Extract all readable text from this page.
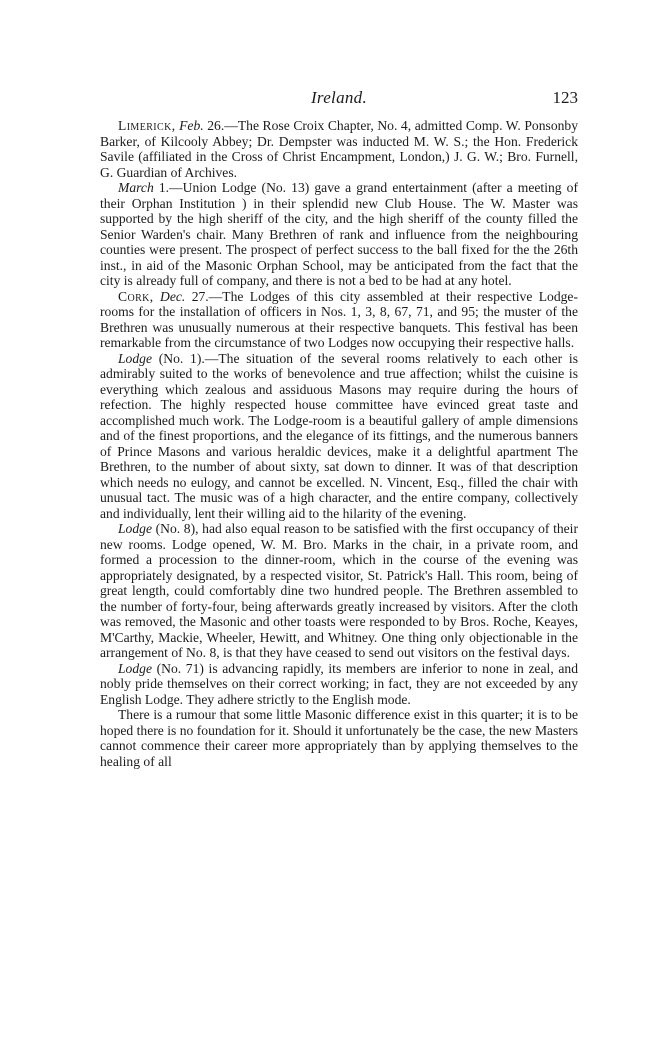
Ireland.	123

Limerick, Feb. 26.—The Rose Croix Chapter, No. 4, admitted Comp. W. Ponsonby Barker, of Kilcooly Abbey; Dr. Dempster was inducted M. W. S.; the Hon. Frederick Savile (affiliated in the Cross of Christ Encampment, London,) J. G. W.; Bro. Furnell, G. Guardian of Archives.

March 1.—Union Lodge (No. 13) gave a grand entertainment (after a meeting of their Orphan Institution ) in their splendid new Club House. The W. Master was supported by the high sheriff of the city, and the high sheriff of the county filled the Senior Warden's chair. Many Brethren of rank and influence from the neighbouring counties were present. The prospect of perfect success to the ball fixed for the the 26th inst., in aid of the Masonic Orphan School, may be anticipated from the fact that the city is already full of company, and there is not a bed to be had at any hotel.

Cork, Dec. 27.—The Lodges of this city assembled at their respective Lodge-rooms for the installation of officers in Nos. 1, 3, 8, 67, 71, and 95; the muster of the Brethren was unusually numerous at their respective banquets. This festival has been remarkable from the circumstance of two Lodges now occupying their respective halls.

Lodge (No. 1).—The situation of the several rooms relatively to each other is admirably suited to the works of benevolence and true affection; whilst the cuisine is everything which zealous and assiduous Masons may require during the hours of refection. The highly respected house committee have evinced great taste and accomplished much work. The Lodge-room is a beautiful gallery of ample dimensions and of the finest proportions, and the elegance of its fittings, and the numerous banners of Prince Masons and various heraldic devices, make it a delightful apartment The Brethren, to the number of about sixty, sat down to dinner. It was of that description which needs no eulogy, and cannot be excelled. N. Vincent, Esq., filled the chair with unusual tact. The music was of a high character, and the entire company, collectively and individually, lent their willing aid to the hilarity of the evening.

Lodge (No. 8), had also equal reason to be satisfied with the first occupancy of their new rooms. Lodge opened, W. M. Bro. Marks in the chair, in a private room, and formed a procession to the dinner-room, which in the course of the evening was appropriately designated, by a respected visitor, St. Patrick's Hall. This room, being of great length, could comfortably dine two hundred people. The Brethren assembled to the number of forty-four, being afterwards greatly increased by visitors. After the cloth was removed, the Masonic and other toasts were responded to by Bros. Roche, Keayes, M'Carthy, Mackie, Wheeler, Hewitt, and Whitney. One thing only objectionable in the arrangement of No. 8, is that they have ceased to send out visitors on the festival days.

Lodge (No. 71) is advancing rapidly, its members are inferior to none in zeal, and nobly pride themselves on their correct working; in fact, they are not exceeded by any English Lodge. They adhere strictly to the English mode.

There is a rumour that some little Masonic difference exist in this quarter; it is to be hoped there is no foundation for it. Should it unfortunately be the case, the new Masters cannot commence their career more appropriately than by applying themselves to the healing of all
